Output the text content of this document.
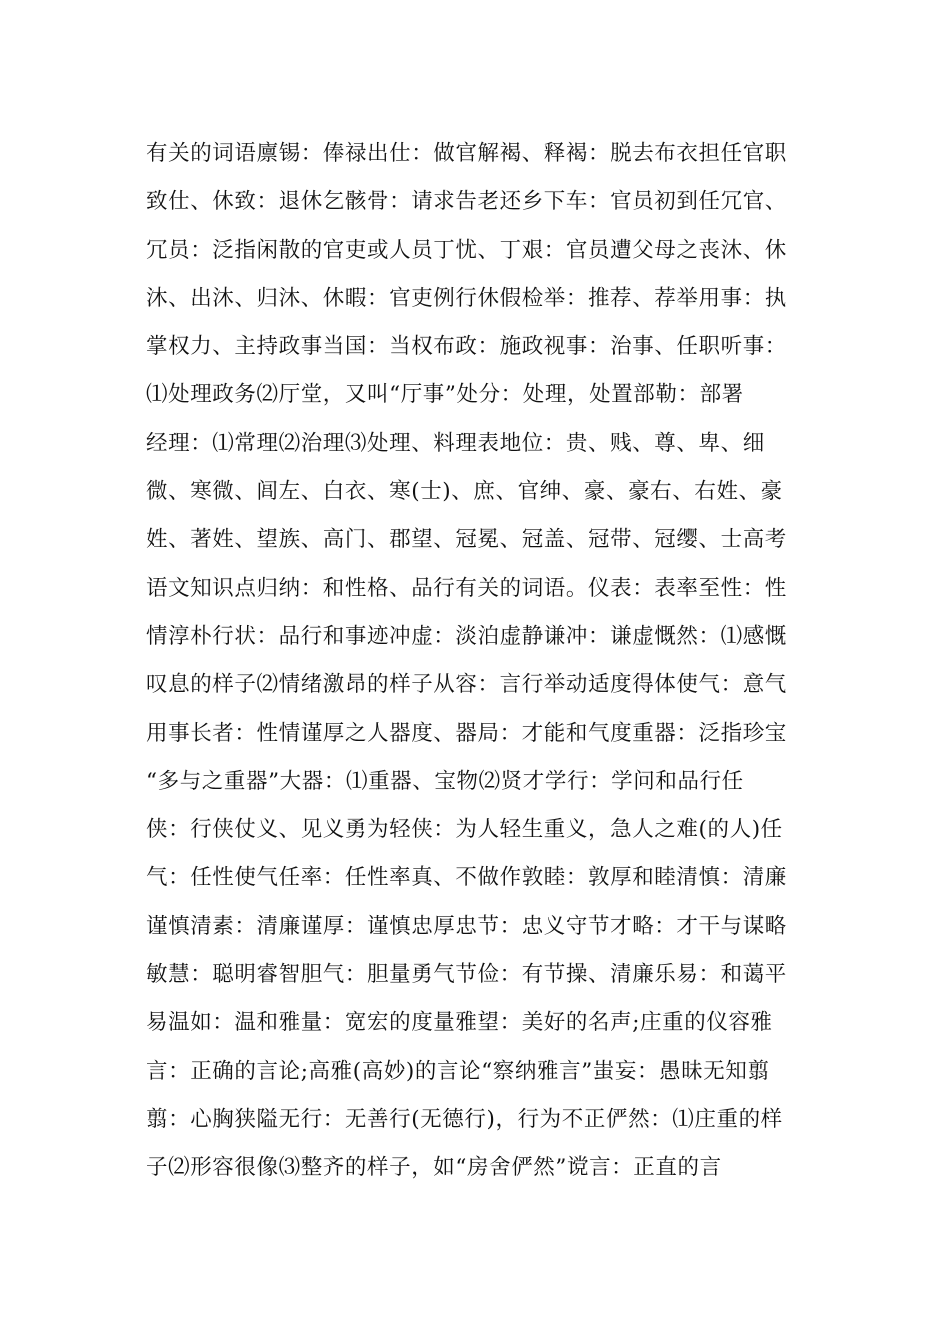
有关的词语廪锡：俸禄出仕：做官解褐、释褐：脱去布衣担任官职
致仕、休致：退休乞骸骨：请求告老还乡下车：官员初到任冗官、
冗员：泛指闲散的官吏或人员丁忧、丁艰：官员遭父母之丧沐、休
沐、出沐、归沐、休暇：官吏例行休假检举：推荐、荐举用事：执
掌权力、主持政事当国：当权布政：施政视事：治事、任职听事：
⑴处理政务⑵厅堂，又叫“厅事”处分：处理，处置部勒：部署
经理：⑴常理⑵治理⑶处理、料理表地位：贵、贱、尊、卑、细
微、寒微、闾左、白衣、寒(士)、庶、官绅、豪、豪右、右姓、豪
姓、著姓、望族、高门、郡望、冠冕、冠盖、冠带、冠缨、士高考
语文知识点归纳：和性格、品行有关的词语。仪表：表率至性：性
情淳朴行状：品行和事迹冲虚：淡泊虚静谦冲：谦虚慨然：⑴感慨
叹息的样子⑵情绪激昂的样子从容：言行举动适度得体使气：意气
用事长者：性情谨厚之人器度、器局：才能和气度重器：泛指珍宝
“多与之重器”大器：⑴重器、宝物⑵贤才学行：学问和品行任
侠：行侠仗义、见义勇为轻侠：为人轻生重义，急人之难(的人)任
气：任性使气任率：任性率真、不做作敦睦：敦厚和睦清慎：清廉
谨慎清素：清廉谨厚：谨慎忠厚忠节：忠义守节才略：才干与谋略
敏慧：聪明睿智胆气：胆量勇气节俭：有节操、清廉乐易：和蔼平
易温如：温和雅量：宽宏的度量雅望：美好的名声;庄重的仪容雅
言：正确的言论;高雅(高妙)的言论“察纳雅言”蚩妄：愚昧无知翦
翦：心胸狭隘无行：无善行(无德行)，行为不正俨然：⑴庄重的样
子⑵形容很像⑶整齐的样子，如“房舍俨然”谠言：正直的言
